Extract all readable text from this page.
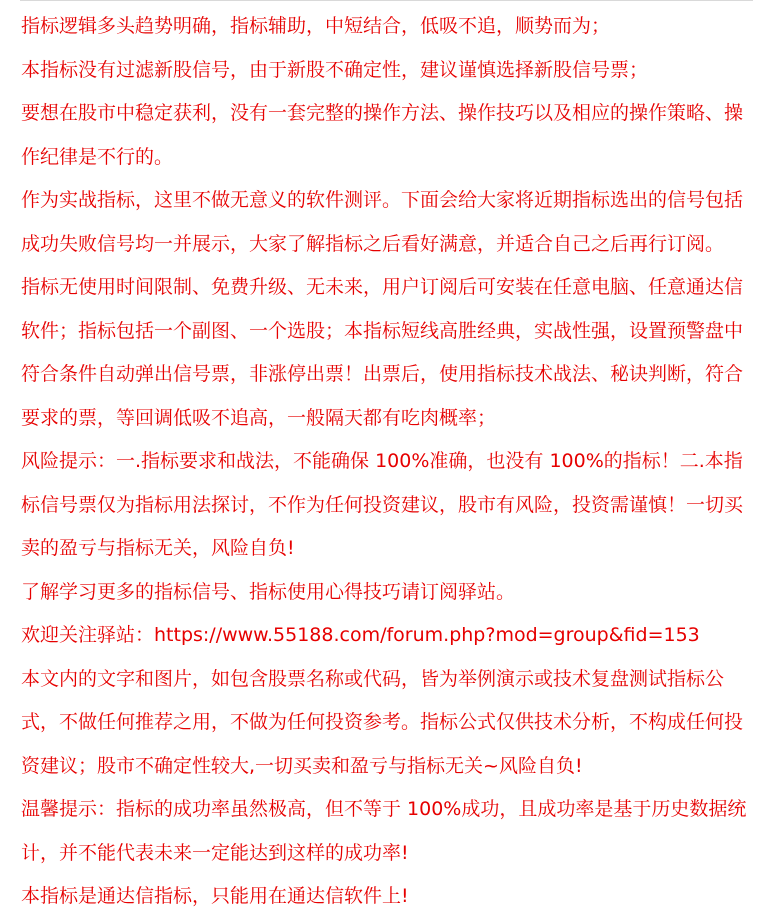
指标逻辑多头趋势明确，指标辅助，中短结合，低吸不追，顺势而为；

本指标没有过滤新股信号，由于新股不确定性，建议谨慎选择新股信号票；

要想在股市中稳定获利，没有一套完整的操作方法、操作技巧以及相应的操作策略、操作纪律是不行的。

作为实战指标，这里不做无意义的软件测评。下面会给大家将近期指标选出的信号包括成功失败信号均一并展示，大家了解指标之后看好满意，并适合自己之后再行订阅。

指标无使用时间限制、免费升级、无未来，用户订阅后可安装在任意电脑、任意通达信软件；指标包括一个副图、一个选股；本指标短线高胜经典，实战性强，设置预警盘中符合条件自动弹出信号票，非涨停出票！出票后，使用指标技术战法、秘诀判断，符合要求的票，等回调低吸不追高，一般隔天都有吃肉概率；

风险提示：一.指标要求和战法，不能确保 100%准确，也没有 100%的指标！二.本指标信号票仅为指标用法探讨，不作为任何投资建议，股市有风险，投资需谨慎！一切买卖的盈亏与指标无关，风险自负!

了解学习更多的指标信号、指标使用心得技巧请订阅驿站。

欢迎关注驿站：https://www.55188.com/forum.php?mod=group&fid=153

本文内的文字和图片，如包含股票名称或代码，皆为举例演示或技术复盘测试指标公式，不做任何推荐之用，不做为任何投资参考。指标公式仅供技术分析，不构成任何投资建议；股市不确定性较大,一切买卖和盈亏与指标无关~风险自负!

温馨提示：指标的成功率虽然极高，但不等于 100%成功，且成功率是基于历史数据统计，并不能代表未来一定能达到这样的成功率!

本指标是通达信指标，只能用在通达信软件上!
